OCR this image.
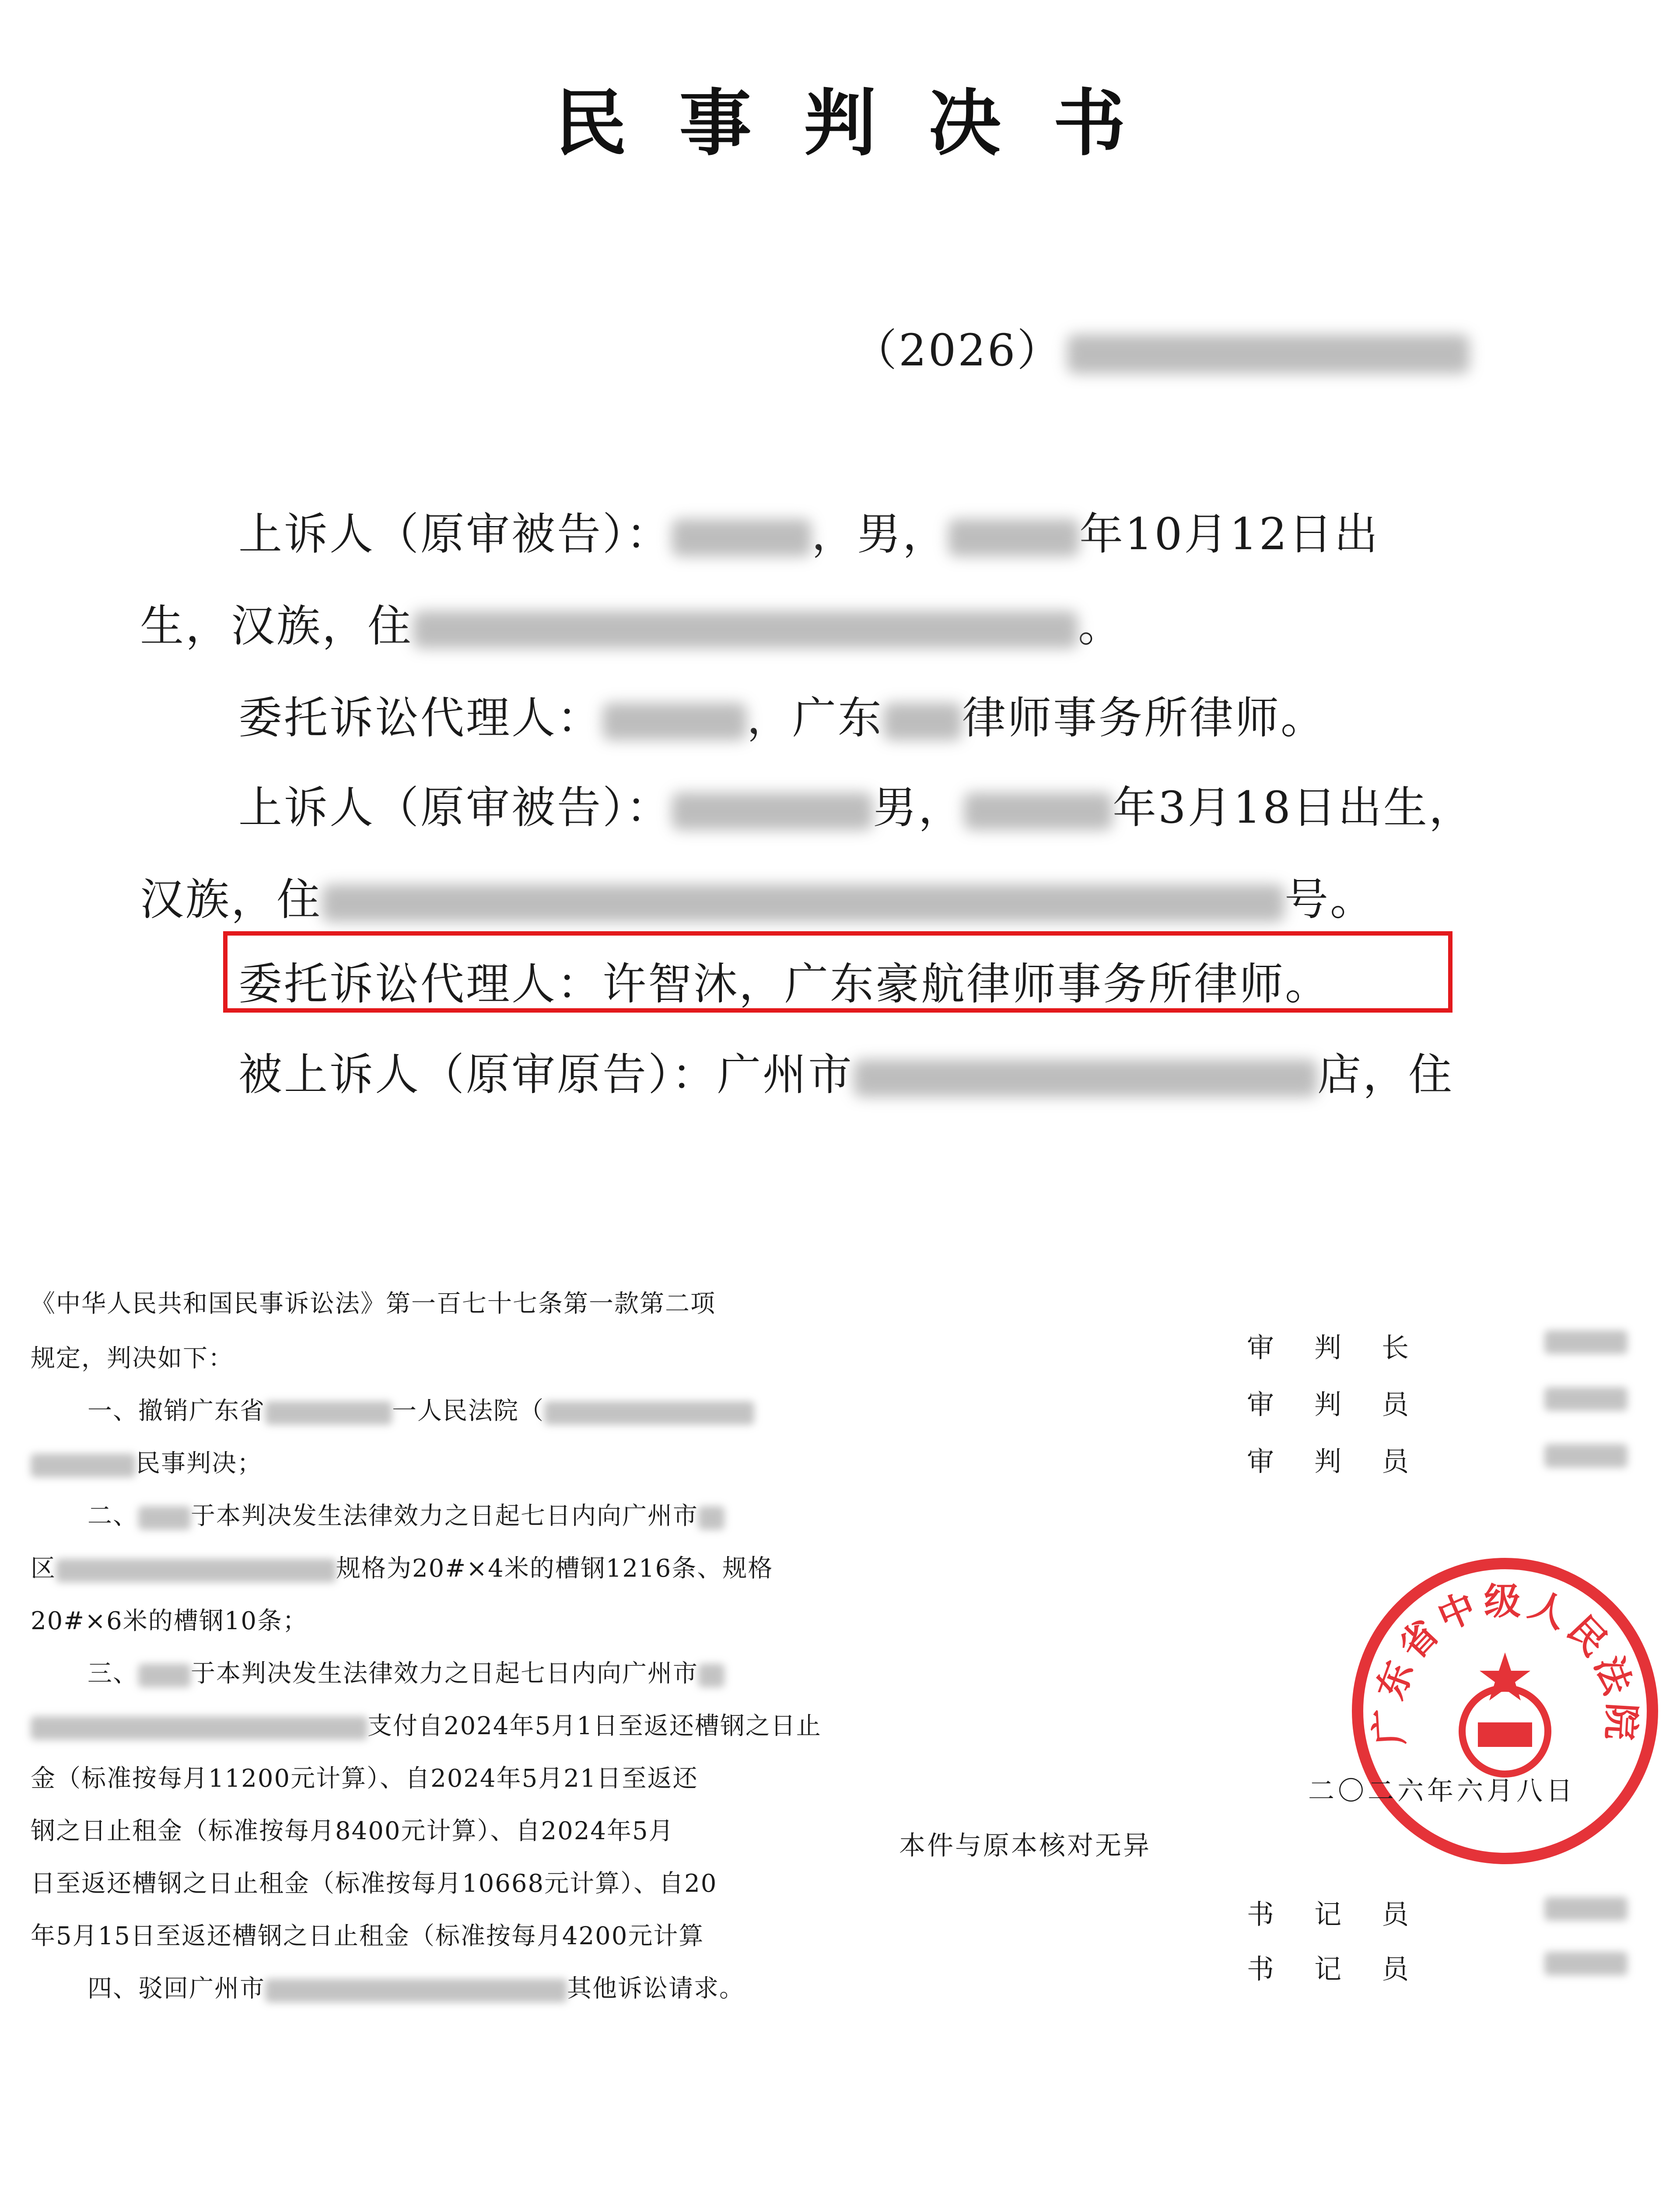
民事判决书
（2026）
上诉人（原审被告）：	，男，	年10月12日出
生，汉族，住	。
委托诉讼代理人：	，广东 律师事务所律师。
上诉人（原审被告）：	男，	年3月18日出生，
汉族，住	号。
委托诉讼代理人：许智沐，广东豪航律师事务所律师。
被上诉人（原审原告）：广州市	店，住
《中华人民共和国民事诉讼法》第一百七十七条第一款第二项
规定，判决如下：
一、撤销广东省	一人民法院（
民事判决；
二、 于本判决发生法律效力之日起七日内向广州市
区	规格为20#×4米的槽钢1216条、规格
20#×6米的槽钢10条；
三、 于本判决发生法律效力之日起七日内向广州市
支付自2024年5月1日至返还槽钢之日止
金（标准按每月11200元计算）、自2024年5月21日至返还
钢之日止租金（标准按每月8400元计算）、自2024年5月
日至返还槽钢之日止租金（标准按每月10668元计算）、自20
年5月15日至返还槽钢之日止租金（标准按每月4200元计算
四、驳回广州市	其他诉讼请求。
审判长
审判员
审判员
广东省中级人民法院
二〇二六年六月八日
本件与原本核对无异
书记员
书记员
